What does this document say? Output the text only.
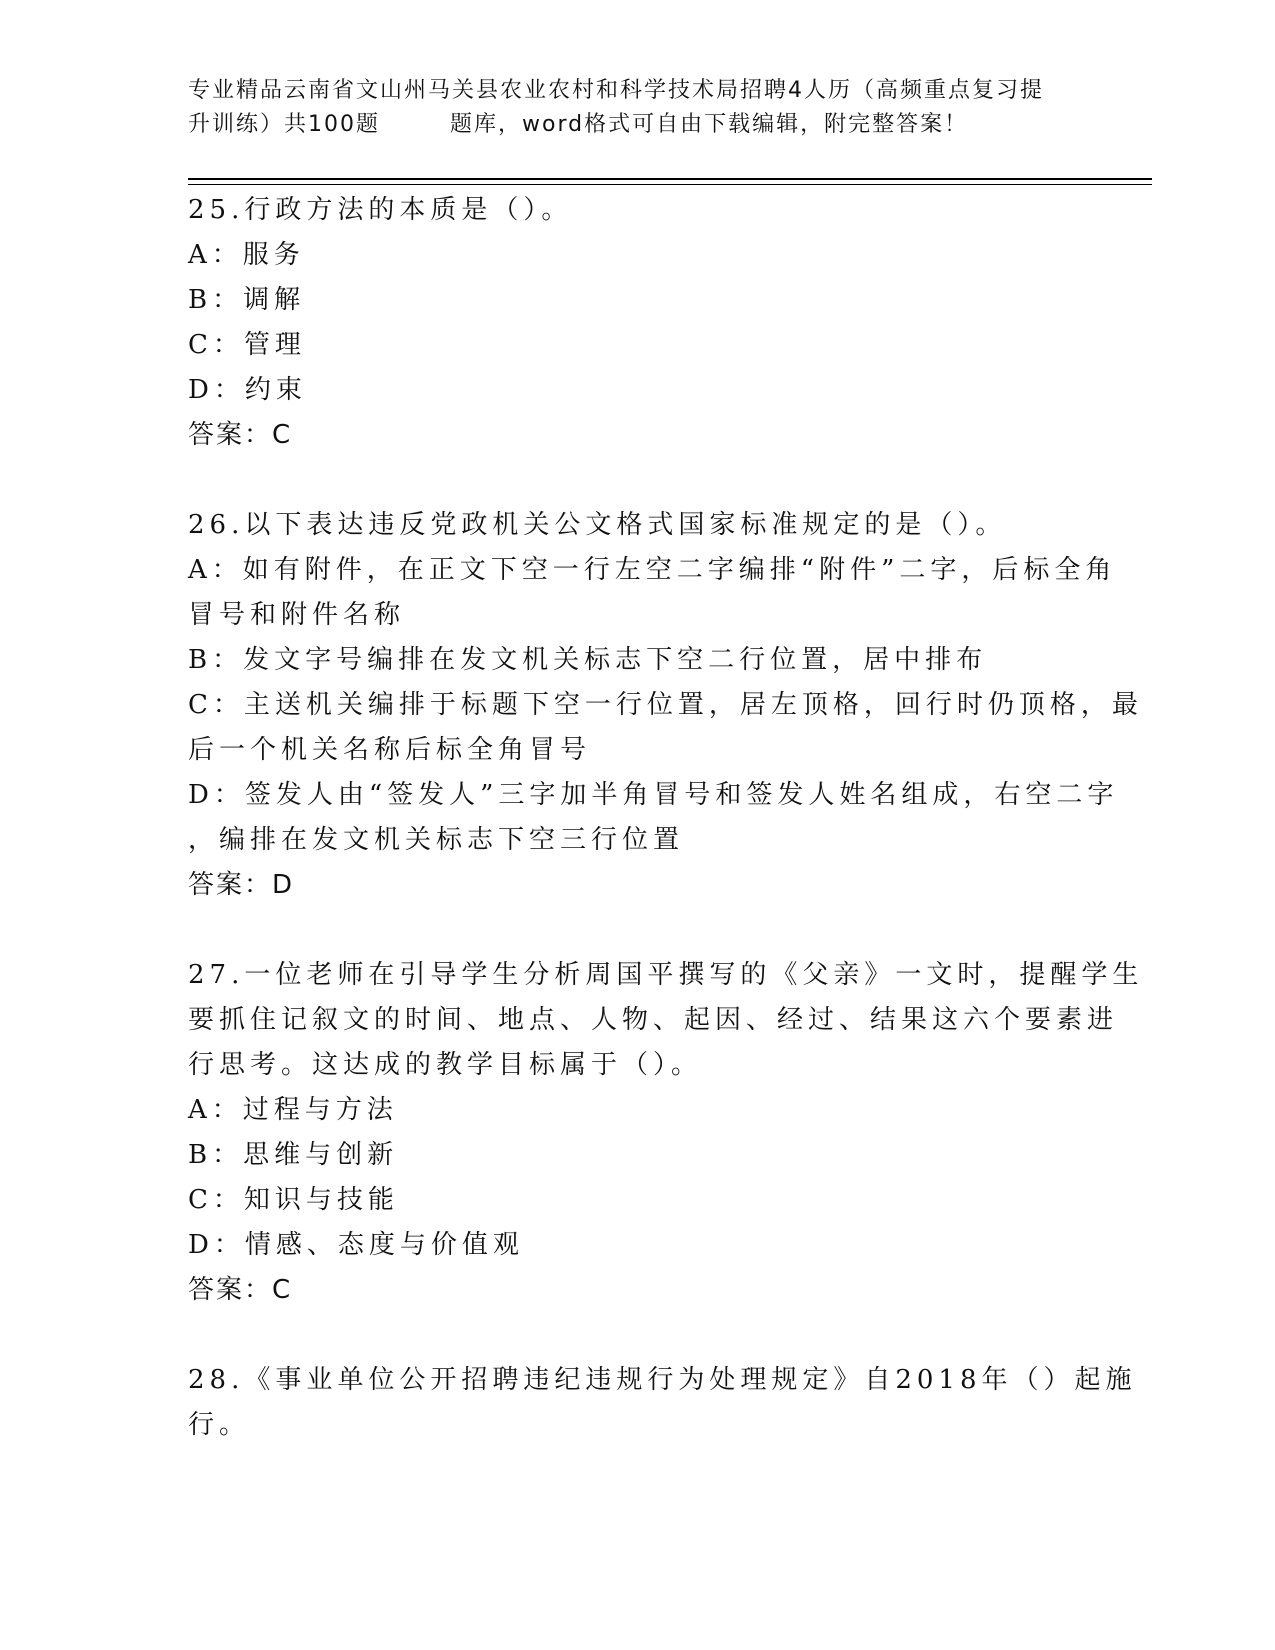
专业精品云南省文山州马关县农业农村和科学技术局招聘4人历（高频重点复习提
升训练）共100题	题库，word格式可自由下载编辑，附完整答案！
25.行政方法的本质是（）。
A：服务
B：调解
C：管理
D：约束
答案：C
26.以下表达违反党政机关公文格式国家标准规定的是（）。
A：如有附件，在正文下空一行左空二字编排“附件”二字，后标全角
冒号和附件名称
B：发文字号编排在发文机关标志下空二行位置，居中排布
C：主送机关编排于标题下空一行位置，居左顶格，回行时仍顶格，最
后一个机关名称后标全角冒号
D：签发人由“签发人”三字加半角冒号和签发人姓名组成，右空二字
，编排在发文机关标志下空三行位置
答案：D
27.一位老师在引导学生分析周国平撰写的《父亲》一文时，提醒学生
要抓住记叙文的时间、地点、人物、起因、经过、结果这六个要素进
行思考。这达成的教学目标属于（）。
A：过程与方法
B：思维与创新
C：知识与技能
D：情感、态度与价值观
答案：C
28.《事业单位公开招聘违纪违规行为处理规定》自2018年（）起施
行。
